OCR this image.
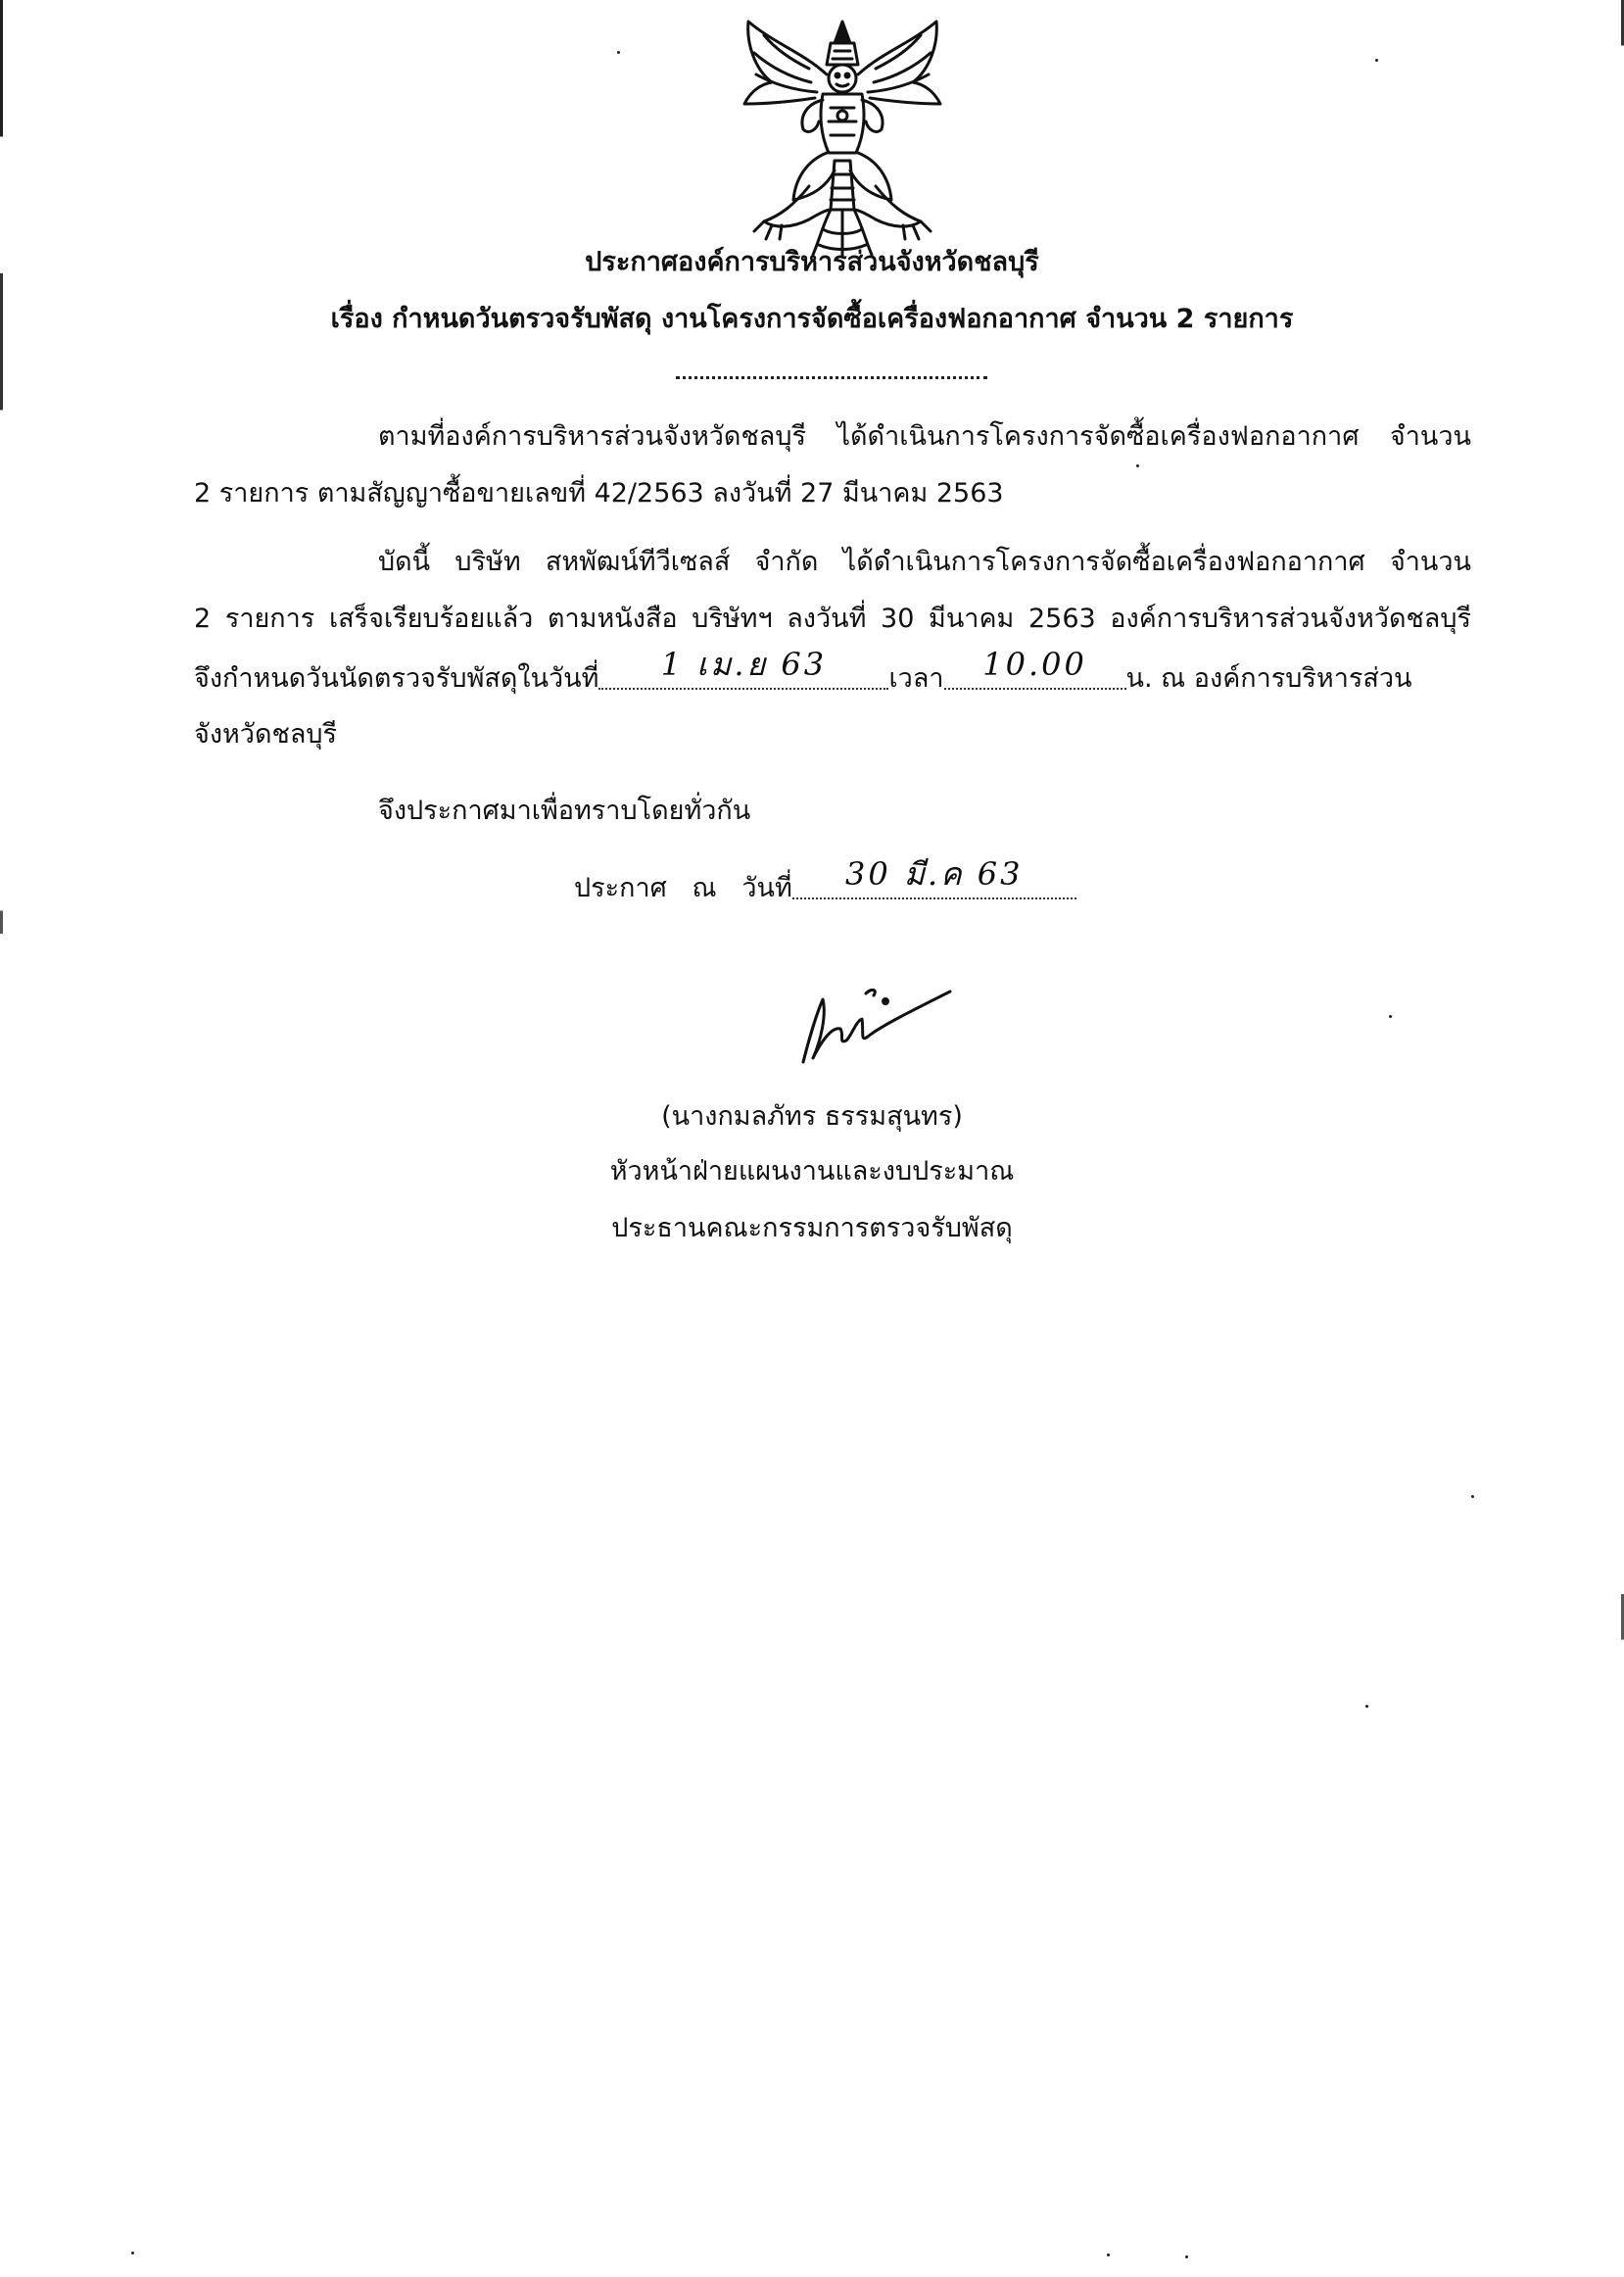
ประกาศองค์การบริหารส่วนจังหวัดชลบุรี
เรื่อง กำหนดวันตรวจรับพัสดุ งานโครงการจัดซื้อเครื่องฟอกอากาศ จำนวน 2 รายการ
ตามที่องค์การบริหารส่วนจังหวัดชลบุรี ได้ดำเนินการโครงการจัดซื้อเครื่องฟอกอากาศ จำนวน
2 รายการ ตามสัญญาซื้อขายเลขที่ 42/2563 ลงวันที่ 27 มีนาคม 2563
บัดนี้ บริษัท สหพัฒน์ทีวีเซลส์ จำกัด ได้ดำเนินการโครงการจัดซื้อเครื่องฟอกอากาศ จำนวน
2 รายการ เสร็จเรียบร้อยแล้ว ตามหนังสือ บริษัทฯ ลงวันที่ 30 มีนาคม 2563 องค์การบริหารส่วนจังหวัดชลบุรี
จึงกำหนดวันนัดตรวจรับพัสดุในวันที่ 1 เม.ย 63 เวลา 10.00 น. ณ องค์การบริหารส่วน
จังหวัดชลบุรี
จึงประกาศมาเพื่อทราบโดยทั่วกัน
ประกาศ ณ วันที่ 30 มี.ค 63
(นางกมลภัทร ธรรมสุนทร)
หัวหน้าฝ่ายแผนงานและงบประมาณ
ประธานคณะกรรมการตรวจรับพัสดุ
